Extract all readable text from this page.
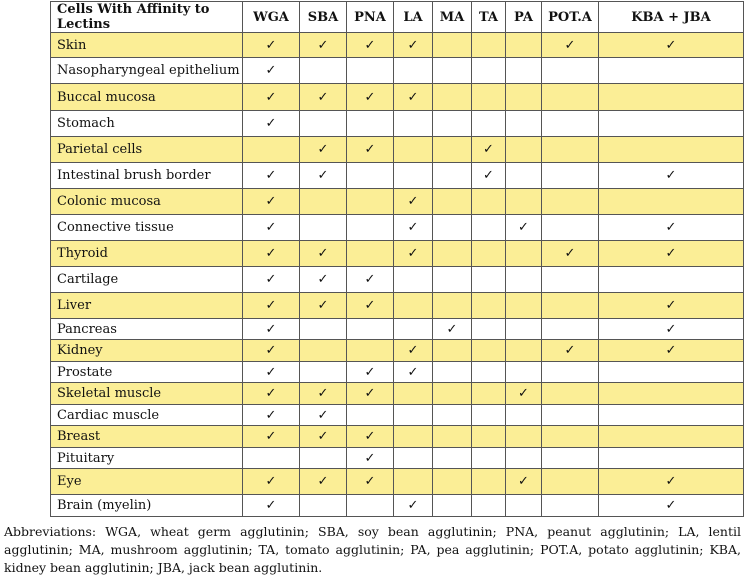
Cells With Affinity to Lectins	WGA	SBA	PNA	LA	MA	TA	PA	POT.A	KBA + JBA
Skin	✓	✓	✓	✓				✓	✓
Nasopharyngeal epithelium	✓								
Buccal mucosa	✓	✓	✓	✓					
Stomach	✓								
Parietal cells		✓	✓			✓			
Intestinal brush border	✓	✓				✓			✓
Colonic mucosa	✓			✓					
Connective tissue	✓			✓			✓		✓
Thyroid	✓	✓		✓				✓	✓
Cartilage	✓	✓	✓						
Liver	✓	✓	✓						✓
Pancreas	✓				✓				✓
Kidney	✓			✓				✓	✓
Prostate	✓		✓	✓					
Skeletal muscle	✓	✓	✓				✓		
Cardiac muscle	✓	✓							
Breast	✓	✓	✓						
Pituitary			✓						
Eye	✓	✓	✓				✓		✓
Brain (myelin)	✓			✓					✓

Abbreviations: WGA, wheat germ agglutinin; SBA, soy bean agglutinin; PNA, peanut agglutinin; LA, lentil agglutinin; MA, mushroom agglutinin; TA, tomato agglutinin; PA, pea agglutinin; POT.A, potato agglutinin; KBA, kidney bean agglutinin; JBA, jack bean agglutinin.
